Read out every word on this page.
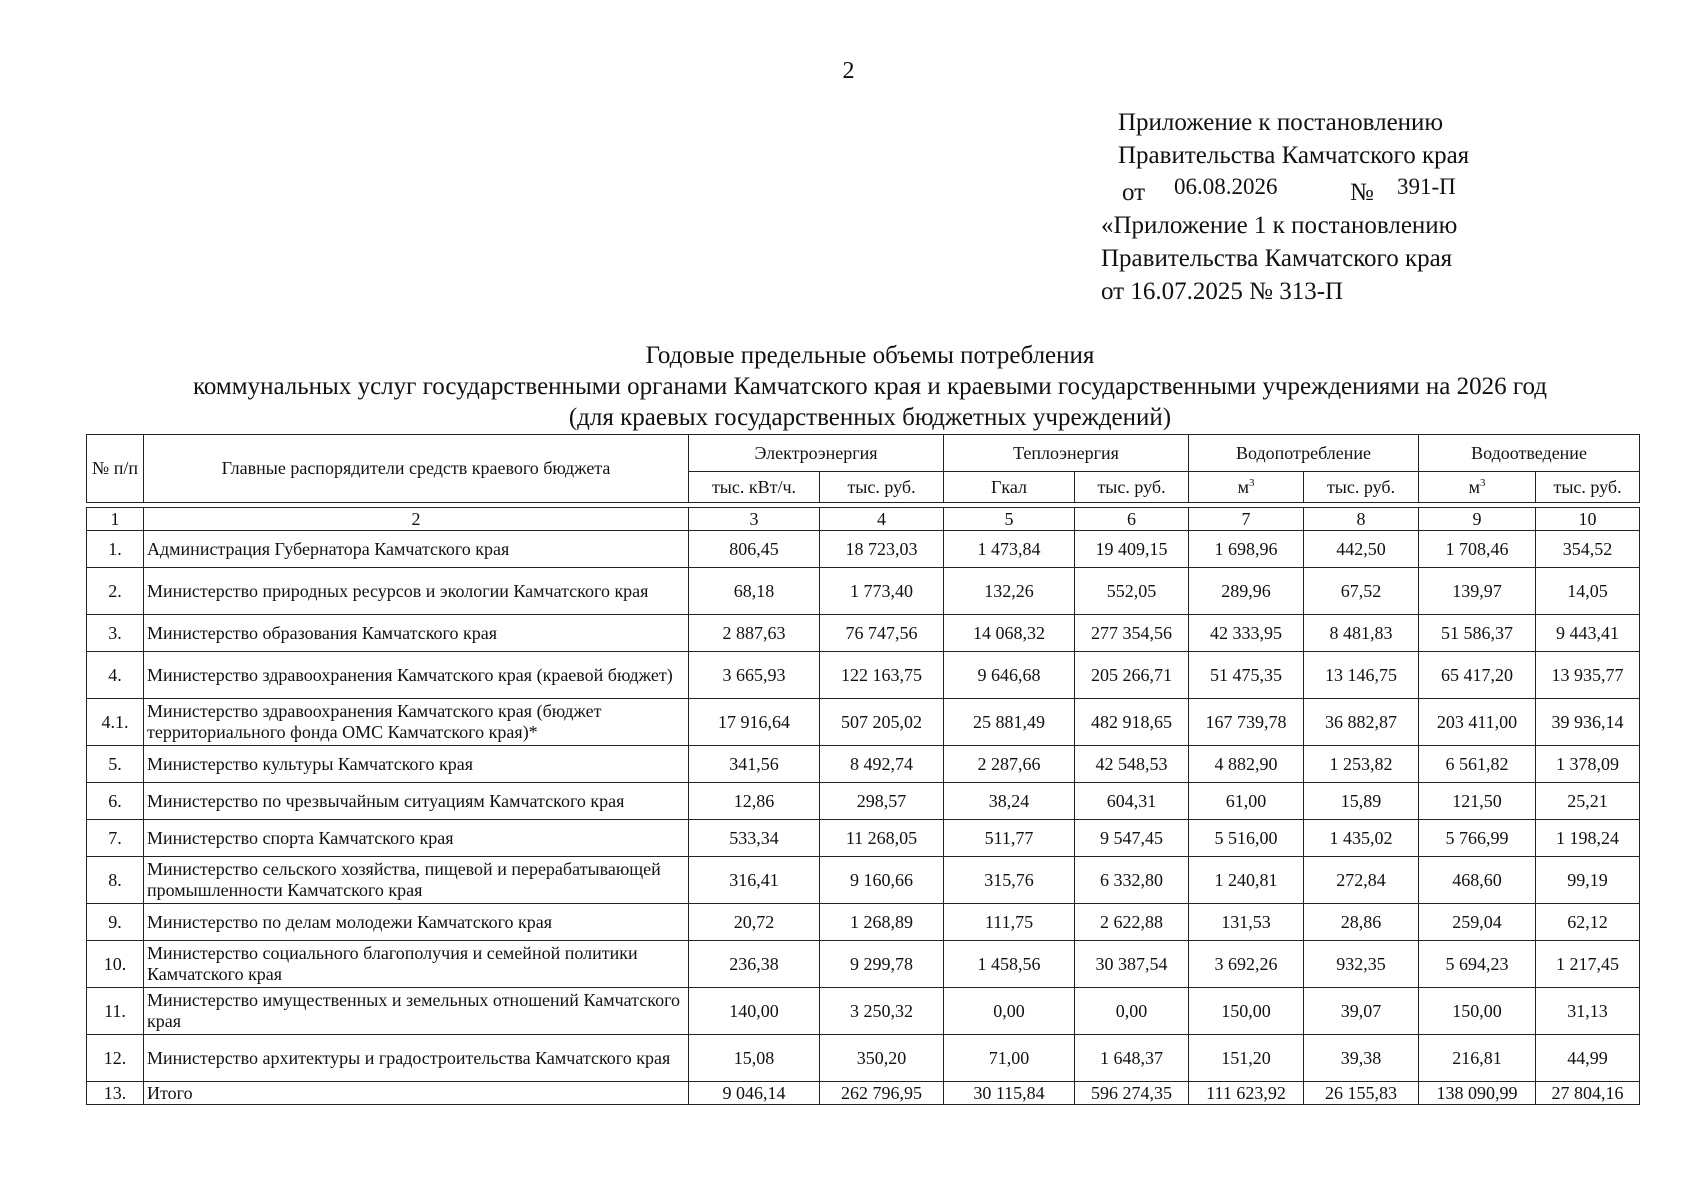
2
Приложение к постановлению
Правительства Камчатского края
от 06.08.2026	№ 391-П
«Приложение 1 к постановлению
Правительства Камчатского края
от 16.07.2025 № 313-П
Годовые предельные объемы потребления
коммунальных услуг государственными органами Камчатского края и краевыми государственными учреждениями на 2026 год
(для краевых государственных бюджетных учреждений)
№ п/п	Главные распорядители средств краевого бюджета	Электроэнергия		Теплоэнергия		Водопотребление		Водоотведение	
		тыс. кВт/ч.	тыс. руб.	Гкал	тыс. руб.	$м^3$	тыс. руб.	$м^3$	тыс. руб.

1	2	3	4	5	6	7	8	9	10
1.	Администрация Губернатора Камчатского края	806,45	18 723,03	1 473,84	19 409,15	1 698,96	442,50	1 708,46	354,52
2.	Министерство природных ресурсов и экологии Камчатского края	68,18	1 773,40	132,26	552,05	289,96	67,52	139,97	14,05
3.	Министерство образования Камчатского края	2 887,63	76 747,56	14 068,32	277 354,56	42 333,95	8 481,83	51 586,37	9 443,41
4.	Министерство здравоохранения Камчатского края (краевой бюджет)	3 665,93	122 163,75	9 646,68	205 266,71	51 475,35	13 146,75	65 417,20	13 935,77
4.1.	Министерство здравоохранения Камчатского края (бюджет территориального фонда ОМС Камчатского края)*	17 916,64	507 205,02	25 881,49	482 918,65	167 739,78	36 882,87	203 411,00	39 936,14
5.	Министерство культуры Камчатского края	341,56	8 492,74	2 287,66	42 548,53	4 882,90	1 253,82	6 561,82	1 378,09
6.	Министерство по чрезвычайным ситуациям Камчатского края	12,86	298,57	38,24	604,31	61,00	15,89	121,50	25,21
7.	Министерство спорта Камчатского края	533,34	11 268,05	511,77	9 547,45	5 516,00	1 435,02	5 766,99	1 198,24
8.	Министерство сельского хозяйства, пищевой и перерабатывающей промышленности Камчатского края	316,41	9 160,66	315,76	6 332,80	1 240,81	272,84	468,60	99,19
9.	Министерство по делам молодежи Камчатского края	20,72	1 268,89	111,75	2 622,88	131,53	28,86	259,04	62,12
10.	Министерство социального благополучия и семейной политики Камчатского края	236,38	9 299,78	1 458,56	30 387,54	3 692,26	932,35	5 694,23	1 217,45
11.	Министерство имущественных и земельных отношений Камчатского края	140,00	3 250,32	0,00	0,00	150,00	39,07	150,00	31,13
12.	Министерство архитектуры и градостроительства Камчатского края	15,08	350,20	71,00	1 648,37	151,20	39,38	216,81	44,99
13.	Итого	9 046,14	262 796,95	30 115,84	596 274,35	111 623,92	26 155,83	138 090,99	27 804,16
